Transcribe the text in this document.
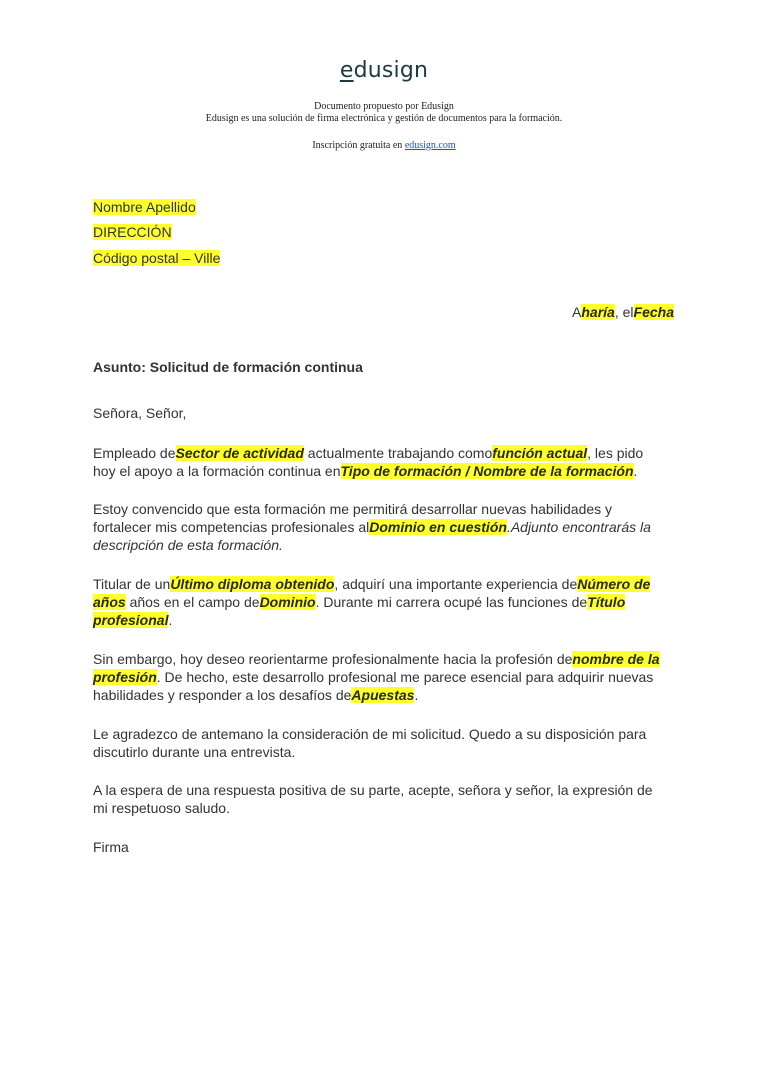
edusign
Documento propuesto por Edusign
Edusign es una solución de firma electrónica y gestión de documentos para la formación.
Inscripción gratuita en edusign.com
Nombre Apellido
DIRECCIÓN
Código postal – Ville
Aharía, elFecha
Asunto: Solicitud de formación continua
Señora, Señor,
Empleado deSector de actividad actualmente trabajando comofunción actual, les pido
hoy el apoyo a la formación continua enTipo de formación / Nombre de la formación.
Estoy convencido que esta formación me permitirá desarrollar nuevas habilidades y
fortalecer mis competencias profesionales alDominio en cuestión.Adjunto encontrarás la
descripción de esta formación.
Titular de unÚltimo diploma obtenido, adquirí una importante experiencia deNúmero de
años años en el campo deDominio. Durante mi carrera ocupé las funciones deTítulo
profesional.
Sin embargo, hoy deseo reorientarme profesionalmente hacia la profesión denombre de la
profesión. De hecho, este desarrollo profesional me parece esencial para adquirir nuevas
habilidades y responder a los desafíos deApuestas.
Le agradezco de antemano la consideración de mi solicitud. Quedo a su disposición para
discutirlo durante una entrevista.
A la espera de una respuesta positiva de su parte, acepte, señora y señor, la expresión de
mi respetuoso saludo.
Firma
